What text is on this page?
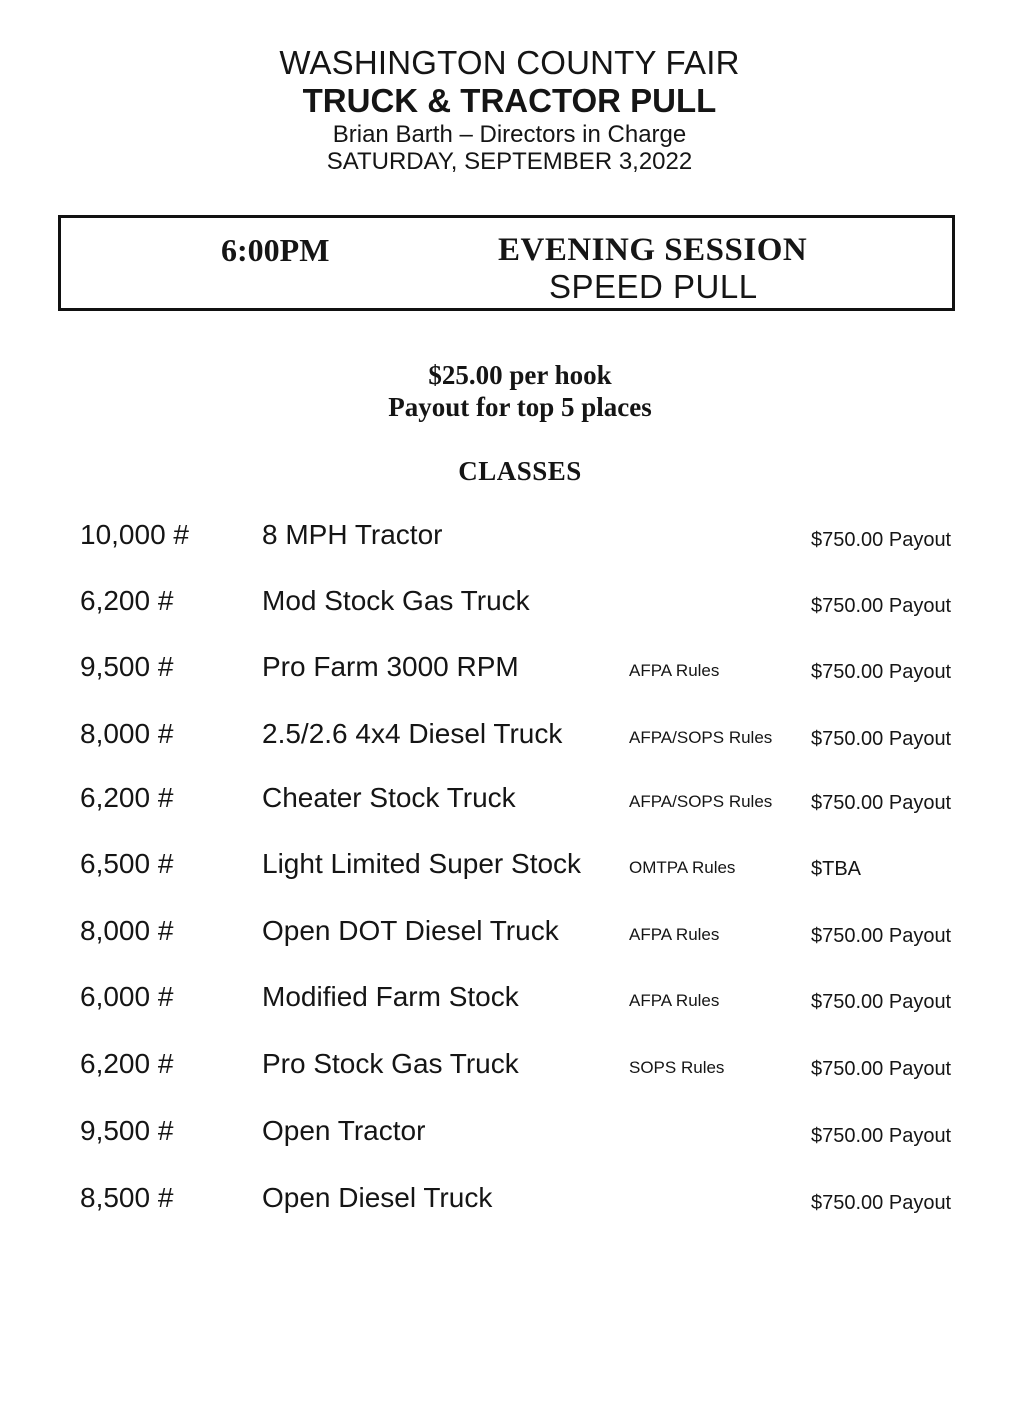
WASHINGTON COUNTY FAIR
TRUCK & TRACTOR PULL
Brian Barth – Directors in Charge
SATURDAY, SEPTEMBER 3,2022
6:00PM	EVENING SESSION
SPEED PULL
$25.00 per hook
Payout for top 5 places
CLASSES
10,000 #	8 MPH Tractor	$750.00 Payout
6,200 #	Mod Stock Gas Truck	$750.00 Payout
9,500 #	Pro Farm 3000 RPM	AFPA Rules	$750.00 Payout
8,000 #	2.5/2.6 4x4 Diesel Truck	AFPA/SOPS Rules $750.00 Payout
6,200 #	Cheater Stock Truck	AFPA/SOPS Rules $750.00 Payout
6,500 #	Light Limited Super Stock	OMTPA Rules	$TBA
8,000 #	Open DOT Diesel Truck	AFPA Rules	$750.00 Payout
6,000 #	Modified Farm Stock	AFPA Rules	$750.00 Payout
6,200 #	Pro Stock Gas Truck	SOPS Rules	$750.00 Payout
9,500 #	Open Tractor	$750.00 Payout
8,500 #	Open Diesel Truck	$750.00 Payout
